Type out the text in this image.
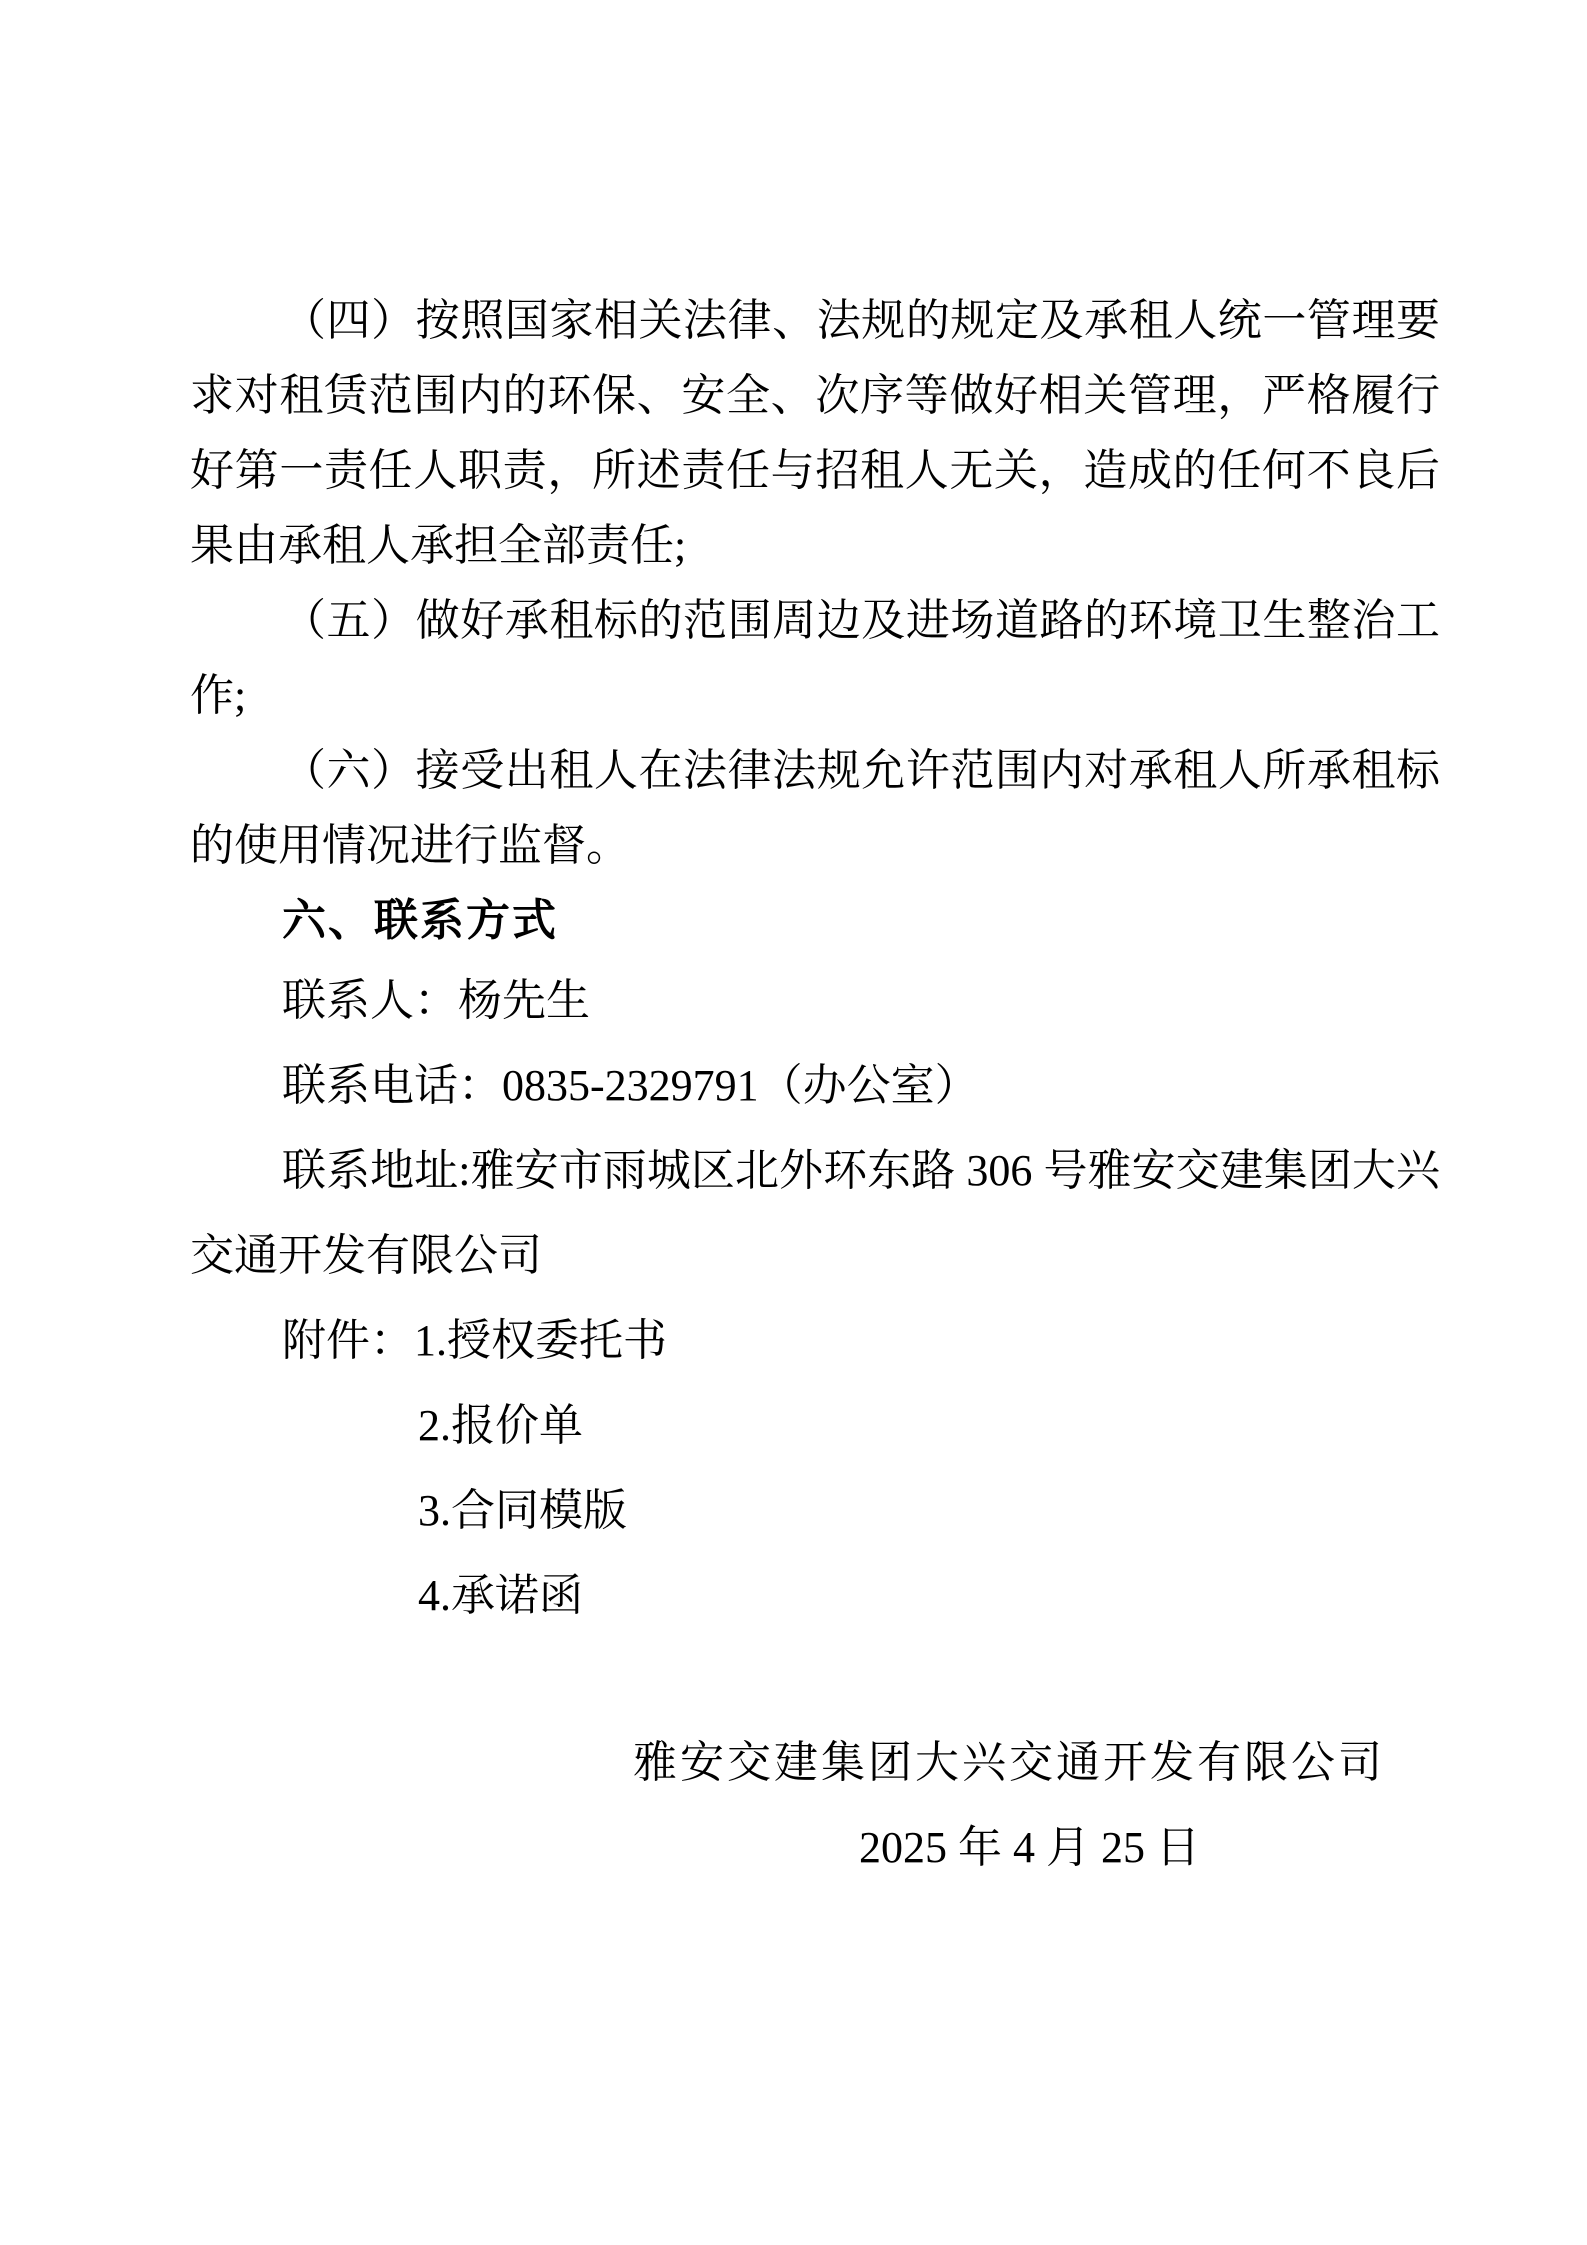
（四）按照国家相关法律、法规的规定及承租人统一管理要求对租赁范围内的环保、安全、次序等做好相关管理，严格履行好第一责任人职责，所述责任与招租人无关，造成的任何不良后果由承租人承担全部责任;

（五）做好承租标的范围周边及进场道路的环境卫生整治工作;

（六）接受出租人在法律法规允许范围内对承租人所承租标的使用情况进行监督。

六、联系方式

联系人：杨先生

联系电话：0835-2329791（办公室）

联系地址:雅安市雨城区北外环东路 306 号雅安交建集团大兴交通开发有限公司

附件：1.授权委托书

2.报价单

3.合同模版

4.承诺函

雅安交建集团大兴交通开发有限公司

2025 年 4 月 25 日
